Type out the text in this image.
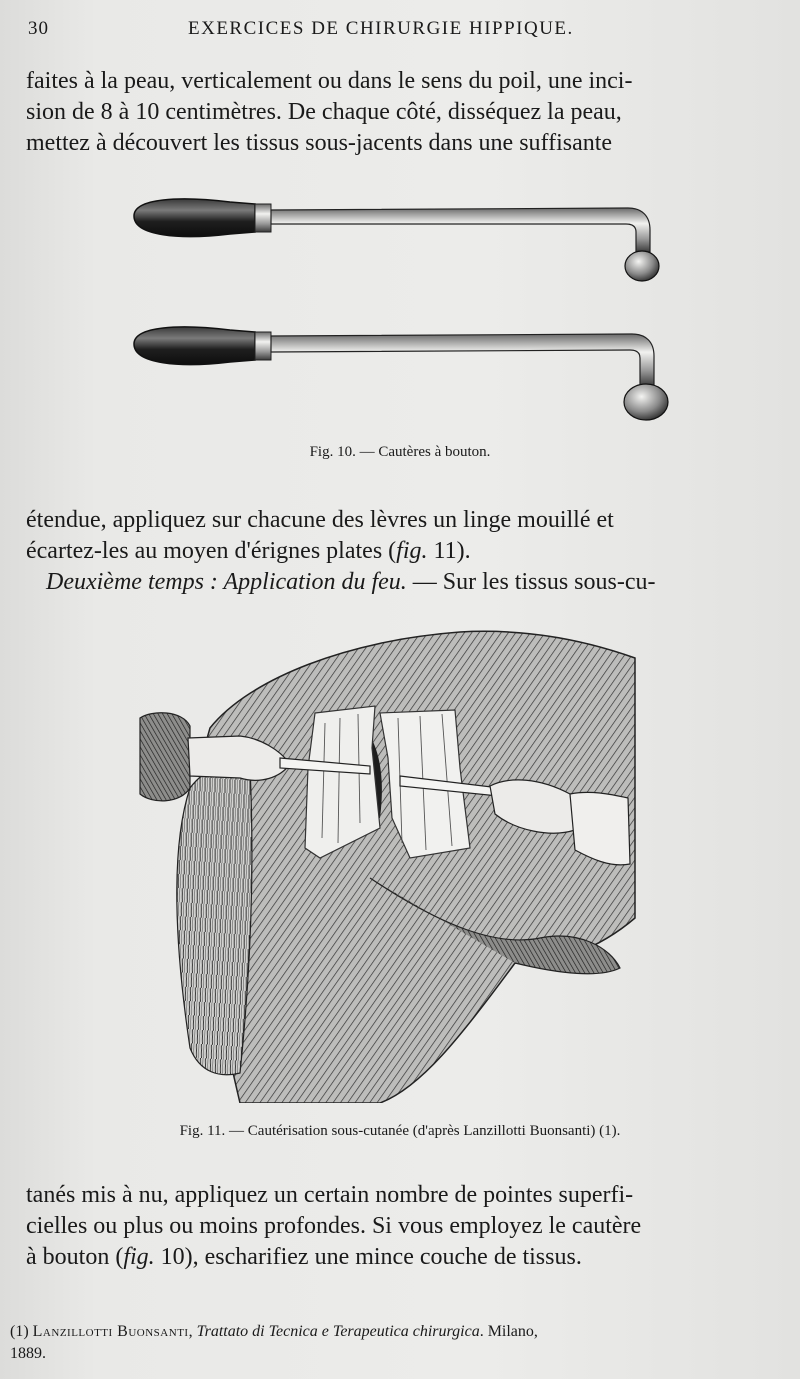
30	EXERCICES DE CHIRURGIE HIPPIQUE.
faites à la peau, verticalement ou dans le sens du poil, une inci-
sion de 8 à 10 centimètres. De chaque côté, disséquez la peau,
mettez à découvert les tissus sous-jacents dans une suffisante
Fig. 10. — Cautères à bouton.
étendue, appliquez sur chacune des lèvres un linge mouillé et
écartez-les au moyen d'érignes plates (fig. 11).
Deuxième temps : Application du feu. — Sur les tissus sous-cu-
Fig. 11. — Cautérisation sous-cutanée (d'après Lanzillotti Buonsanti) (1).
tanés mis à nu, appliquez un certain nombre de pointes superfi-
cielles ou plus ou moins profondes. Si vous employez le cautère
à bouton (fig. 10), escharifiez une mince couche de tissus.
(1) Lanzillotti Buonsanti, Trattato di Tecnica e Terapeutica chirurgica. Milano,
1889.
